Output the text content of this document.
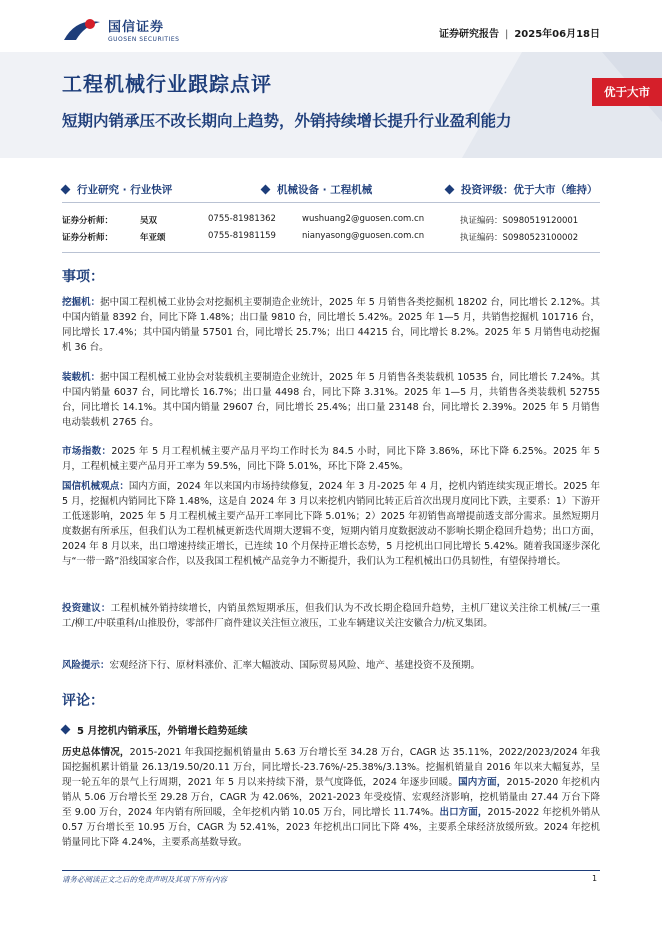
国信证券
GUOSEN SECURITIES	证券研究报告 | 2025年06月18日
工程机械行业跟踪点评
短期内销承压不改长期向上趋势，外销持续增长提升行业盈利能力
优于大市
行业研究 · 行业快评	机械设备 · 工程机械	投资评级：优于大市（维持）
证券分析师：	吴双	0755-81981362	wushuang2@guosen.com.cn	执证编码：S0980519120001
证券分析师：	年亚颂	0755-81981159	nianyasong@guosen.com.cn	执证编码：S0980523100002
事项：
挖掘机：据中国工程机械工业协会对挖掘机主要制造企业统计，2025 年 5 月销售各类挖掘机 18202 台，同比增长 2.12%。其中国内销量 8392 台，同比下降 1.48%；出口量 9810 台，同比增长 5.42%。2025 年 1—5 月，共销售挖掘机 101716 台，同比增长 17.4%；其中国内销量 57501 台，同比增长 25.7%；出口 44215 台，同比增长 8.2%。2025 年 5 月销售电动挖掘机 36 台。
装载机：据中国工程机械工业协会对装载机主要制造企业统计，2025 年 5 月销售各类装载机 10535 台，同比增长 7.24%。其中国内销量 6037 台，同比增长 16.7%；出口量 4498 台，同比下降 3.31%。2025 年 1—5 月，共销售各类装载机 52755 台，同比增长 14.1%。其中国内销量 29607 台，同比增长 25.4%；出口量 23148 台，同比增长 2.39%。2025 年 5 月销售电动装载机 2765 台。
市场指数：2025 年 5 月工程机械主要产品月平均工作时长为 84.5 小时，同比下降 3.86%，环比下降 6.25%。2025 年 5 月，工程机械主要产品月开工率为 59.5%，同比下降 5.01%，环比下降 2.45%。
国信机械观点：国内方面，2024 年以来国内市场持续修复，2024 年 3 月-2025 年 4 月，挖机内销连续实现正增长。2025 年 5 月，挖掘机内销同比下降 1.48%，这是自 2024 年 3 月以来挖机内销同比转正后首次出现月度同比下跌，主要系：1）下游开工低迷影响，2025 年 5 月工程机械主要产品开工率同比下降 5.01%；2）2025 年初销售高增提前透支部分需求。虽然短期月度数据有所承压，但我们认为工程机械更新迭代周期大逻辑不变，短期内销月度数据波动不影响长期企稳回升趋势；出口方面，2024 年 8 月以来，出口增速持续正增长，已连续 10 个月保持正增长态势，5 月挖机出口同比增长 5.42%。随着我国逐步深化与“一带一路”沿线国家合作，以及我国工程机械产品竞争力不断提升，我们认为工程机械出口仍具韧性，有望保持增长。
投资建议：工程机械外销持续增长，内销虽然短期承压，但我们认为不改长期企稳回升趋势，主机厂建议关注徐工机械/三一重工/柳工/中联重科/山推股份，零部件厂商件建议关注恒立液压，工业车辆建议关注安徽合力/杭叉集团。
风险提示：宏观经济下行、原材料涨价、汇率大幅波动、国际贸易风险、地产、基建投资不及预期。
评论：
5 月挖机内销承压，外销增长趋势延续
历史总体情况，2015-2021 年我国挖掘机销量由 5.63 万台增长至 34.28 万台，CAGR 达 35.11%，2022/2023/2024 年我国挖掘机累计销量 26.13/19.50/20.11 万台，同比增长-23.76%/-25.38%/3.13%。挖掘机销量自 2016 年以来大幅复苏，呈现一轮五年的景气上行周期，2021 年 5 月以来持续下滑，景气度降低，2024 年逐步回暖。国内方面，2015-2020 年挖机内销从 5.06 万台增长至 29.28 万台，CAGR 为 42.06%，2021-2023 年受疫情、宏观经济影响，挖机销量由 27.44 万台下降至 9.00 万台，2024 年内销有所回暖，全年挖机内销 10.05 万台，同比增长 11.74%。出口方面，2015-2022 年挖机外销从 0.57 万台增长至 10.95 万台，CAGR 为 52.41%，2023 年挖机出口同比下降 4%，主要系全球经济放缓所致。2024 年挖机销量同比下降 4.24%，主要系高基数导致。
请务必阅读正文之后的免责声明及其项下所有内容	1
